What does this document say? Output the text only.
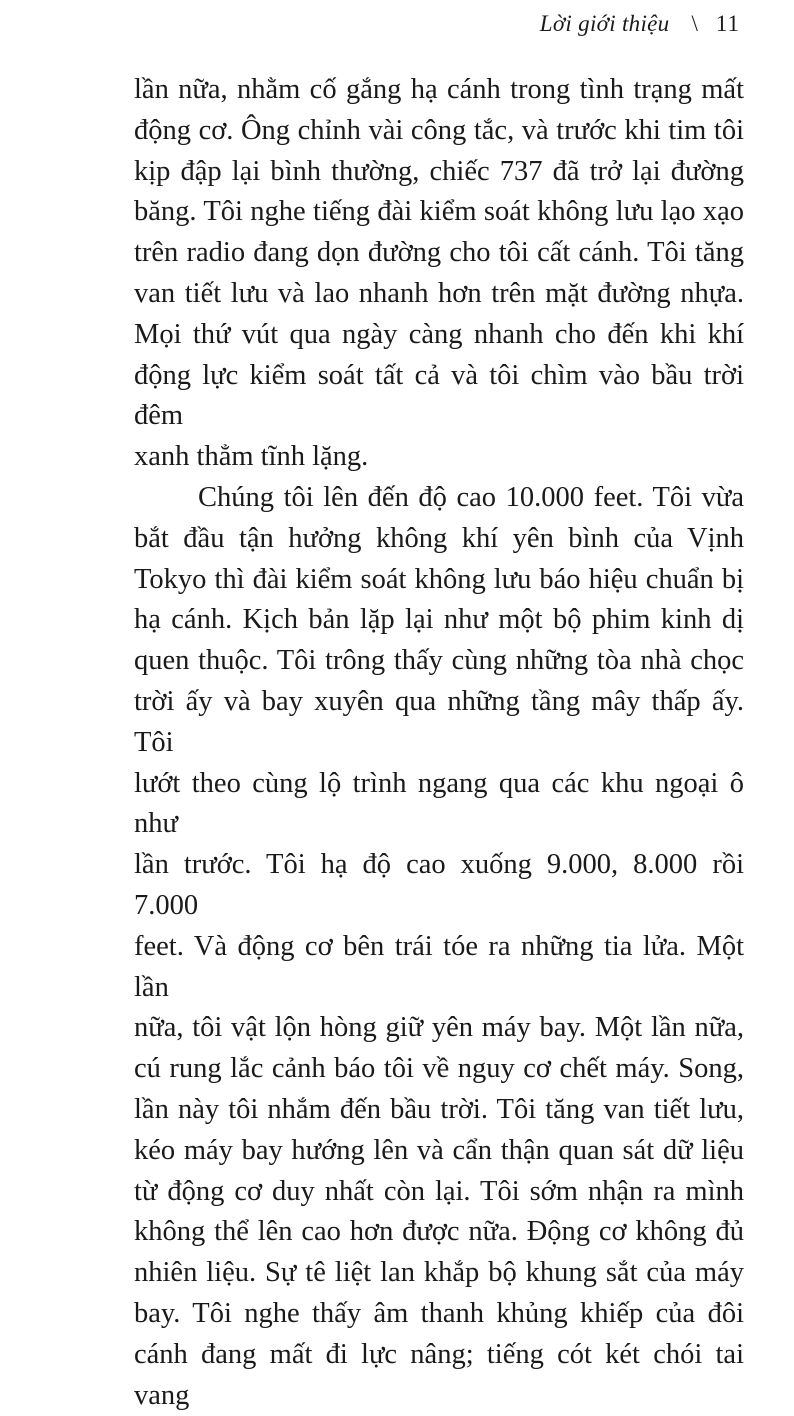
Lời giới thiệu \ 11

lần nữa, nhằm cố gắng hạ cánh trong tình trạng mất
động cơ. Ông chỉnh vài công tắc, và trước khi tim tôi
kịp đập lại bình thường, chiếc 737 đã trở lại đường
băng. Tôi nghe tiếng đài kiểm soát không lưu lạo xạo
trên radio đang dọn đường cho tôi cất cánh. Tôi tăng
van tiết lưu và lao nhanh hơn trên mặt đường nhựa.
Mọi thứ vút qua ngày càng nhanh cho đến khi khí
động lực kiểm soát tất cả và tôi chìm vào bầu trời đêm
xanh thẳm tĩnh lặng.

Chúng tôi lên đến độ cao 10.000 feet. Tôi vừa
bắt đầu tận hưởng không khí yên bình của Vịnh
Tokyo thì đài kiểm soát không lưu báo hiệu chuẩn bị
hạ cánh. Kịch bản lặp lại như một bộ phim kinh dị
quen thuộc. Tôi trông thấy cùng những tòa nhà chọc
trời ấy và bay xuyên qua những tầng mây thấp ấy. Tôi
lướt theo cùng lộ trình ngang qua các khu ngoại ô như
lần trước. Tôi hạ độ cao xuống 9.000, 8.000 rồi 7.000
feet. Và động cơ bên trái tóe ra những tia lửa. Một lần
nữa, tôi vật lộn hòng giữ yên máy bay. Một lần nữa,
cú rung lắc cảnh báo tôi về nguy cơ chết máy. Song,
lần này tôi nhắm đến bầu trời. Tôi tăng van tiết lưu,
kéo máy bay hướng lên và cẩn thận quan sát dữ liệu
từ động cơ duy nhất còn lại. Tôi sớm nhận ra mình
không thể lên cao hơn được nữa. Động cơ không đủ
nhiên liệu. Sự tê liệt lan khắp bộ khung sắt của máy
bay. Tôi nghe thấy âm thanh khủng khiếp của đôi
cánh đang mất đi lực nâng; tiếng cót két chói tai vang
